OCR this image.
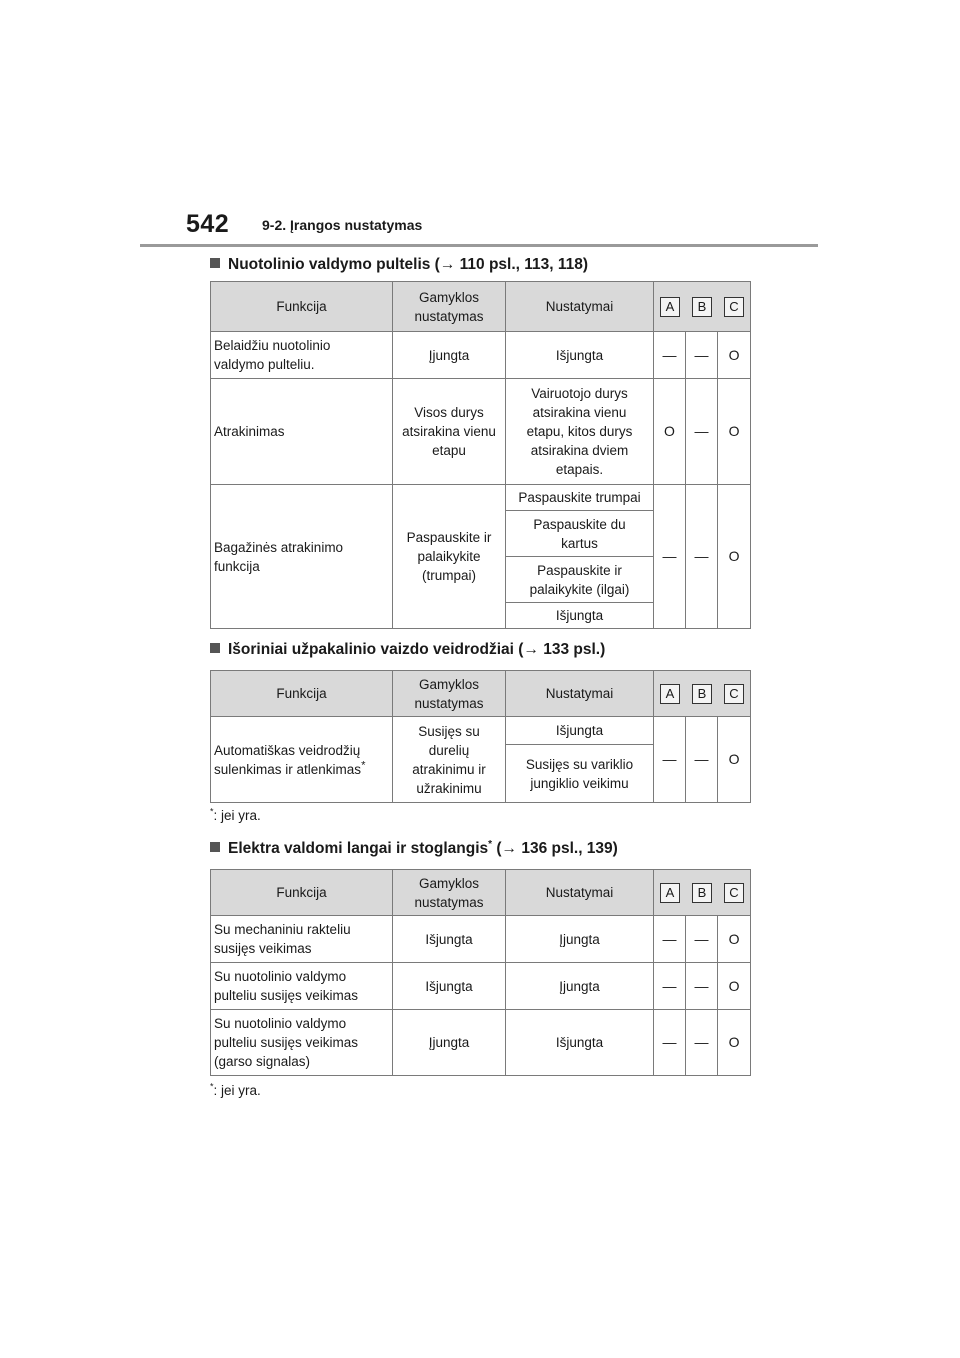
542 9-2. Įrangos nustatymas
Nuotolinio valdymo pultelis (→ 110 psl., 113, 118)
Funkcija	Gamyklos
nustatymas	Nustatymai	A B C		

Belaidžiu nuotolinio
valdymo pulteliu.	Įjungta	Išjungta	—	—	O
Atrakinimas	Visos durys
atsirakina vienu
etapu	Vairuotojo durys
atsirakina vienu
etapu, kitos durys
atsirakina dviem
etapais.	O	—	O
Bagažinės atrakinimo
funkcija	Paspauskite ir
palaikykite
(trumpai)	Paspauskite trumpai	—	—	O
		Paspauskite du
kartus			
		Paspauskite ir
palaikykite (ilgai)			
		Išjungta			
Išoriniai užpakalinio vaizdo veidrodžiai (→ 133 psl.)
Funkcija	Gamyklos
nustatymas	Nustatymai	A B C		

Automatiškas veidrodžių
sulenkimas ir atlenkimas*	Susijęs su
durelių
atrakinimu ir
užrakinimu	Išjungta	—	—	O
		Susijęs su variklio
jungiklio veikimu			
*: jei yra.
Elektra valdomi langai ir stoglangis* (→ 136 psl., 139)
Funkcija	Gamyklos
nustatymas	Nustatymai	A B C		

Su mechaniniu rakteliu
susijęs veikimas	Išjungta	Įjungta	—	—	O
Su nuotolinio valdymo
pulteliu susijęs veikimas	Išjungta	Įjungta	—	—	O
Su nuotolinio valdymo
pulteliu susijęs veikimas
(garso signalas)	Įjungta	Išjungta	—	—	O
*: jei yra.
